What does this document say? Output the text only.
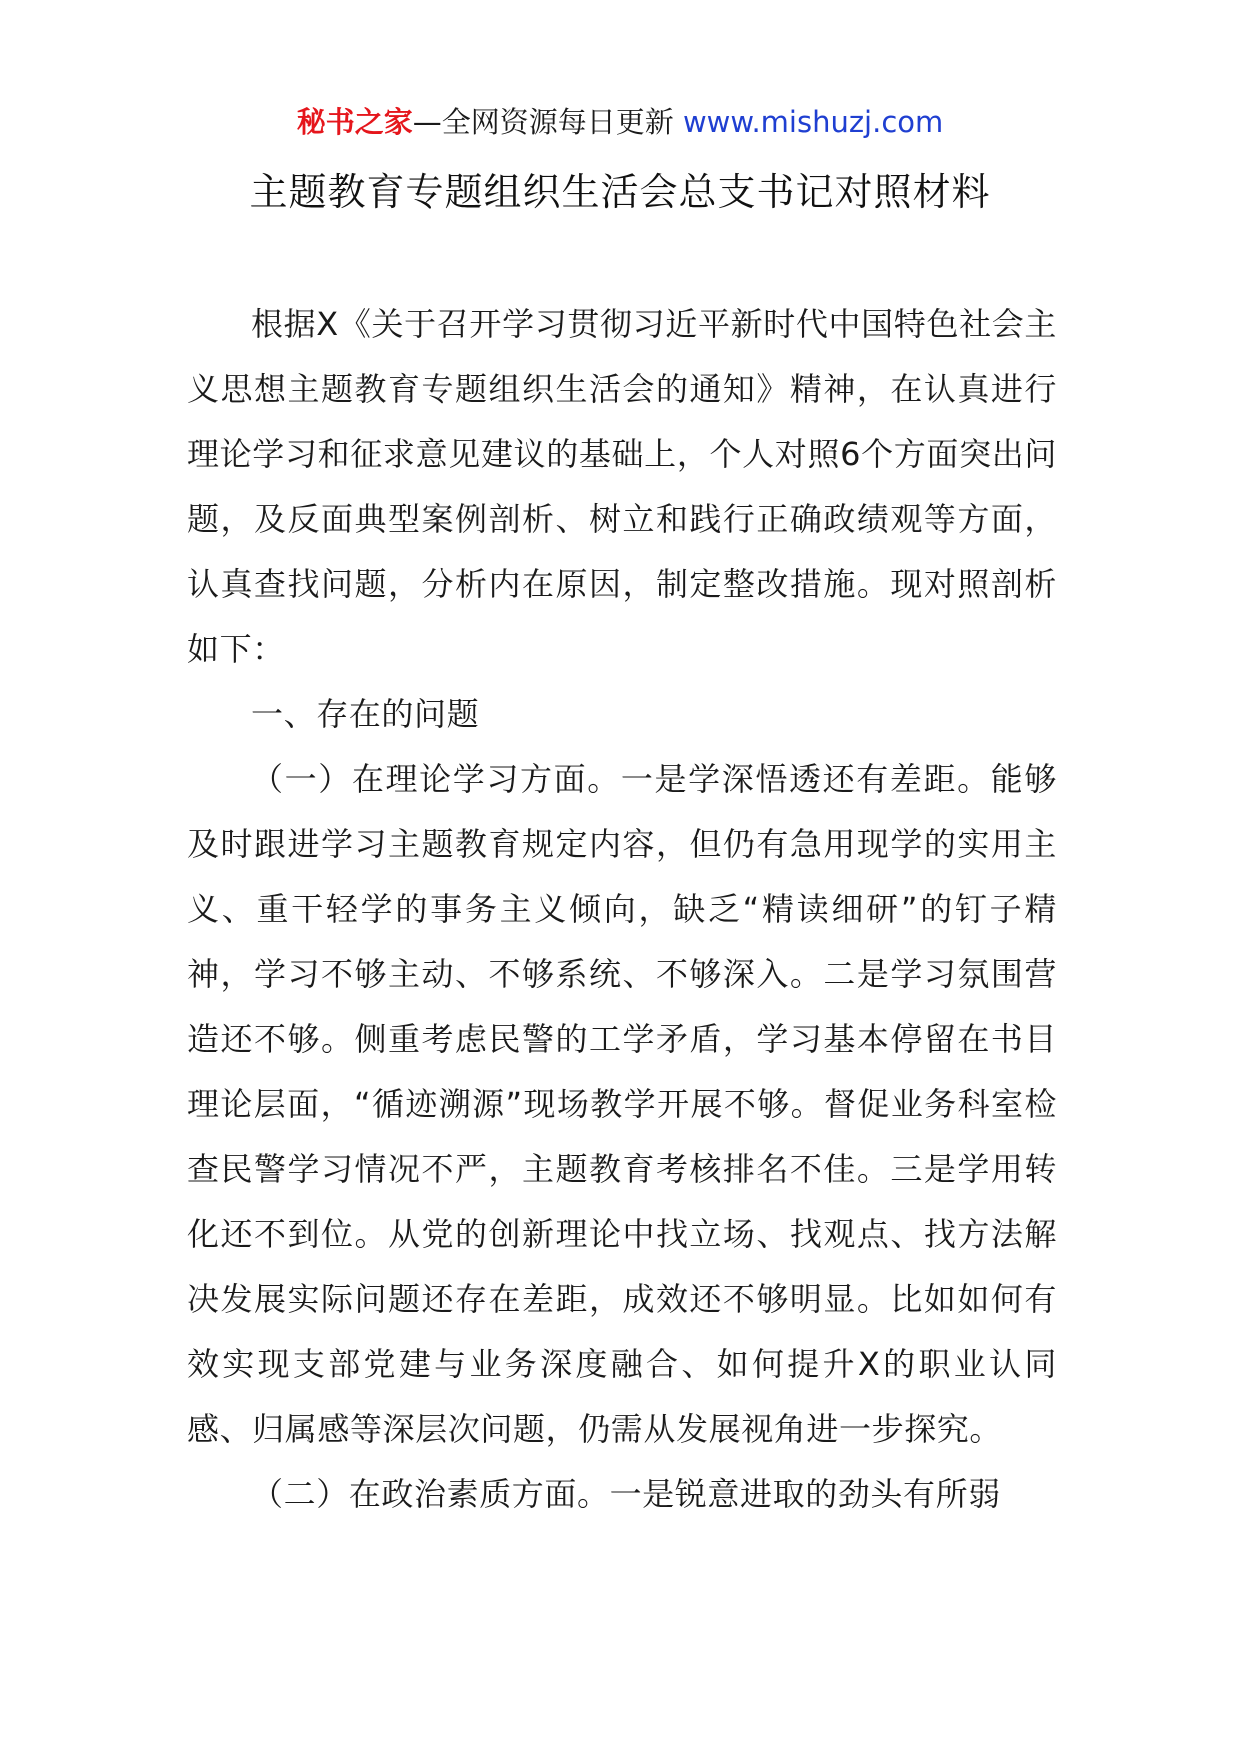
秘书之家—全网资源每日更新 www.mishuzj.com
主题教育专题组织生活会总支书记对照材料

根据X《关于召开学习贯彻习近平新时代中国特色社会主义思想主题教育专题组织生活会的通知》精神，在认真进行理论学习和征求意见建议的基础上，个人对照6个方面突出问题，及反面典型案例剖析、树立和践行正确政绩观等方面，认真查找问题，分析内在原因，制定整改措施。现对照剖析如下：

一、存在的问题

（一）在理论学习方面。一是学深悟透还有差距。能够及时跟进学习主题教育规定内容，但仍有急用现学的实用主义、重干轻学的事务主义倾向，缺乏“精读细研”的钉子精神，学习不够主动、不够系统、不够深入。二是学习氛围营造还不够。侧重考虑民警的工学矛盾，学习基本停留在书目理论层面，“循迹溯源”现场教学开展不够。督促业务科室检查民警学习情况不严，主题教育考核排名不佳。三是学用转化还不到位。从党的创新理论中找立场、找观点、找方法解决发展实际问题还存在差距，成效还不够明显。比如如何有效实现支部党建与业务深度融合、如何提升X的职业认同感、归属感等深层次问题，仍需从发展视角进一步探究。

（二）在政治素质方面。一是锐意进取的劲头有所弱
